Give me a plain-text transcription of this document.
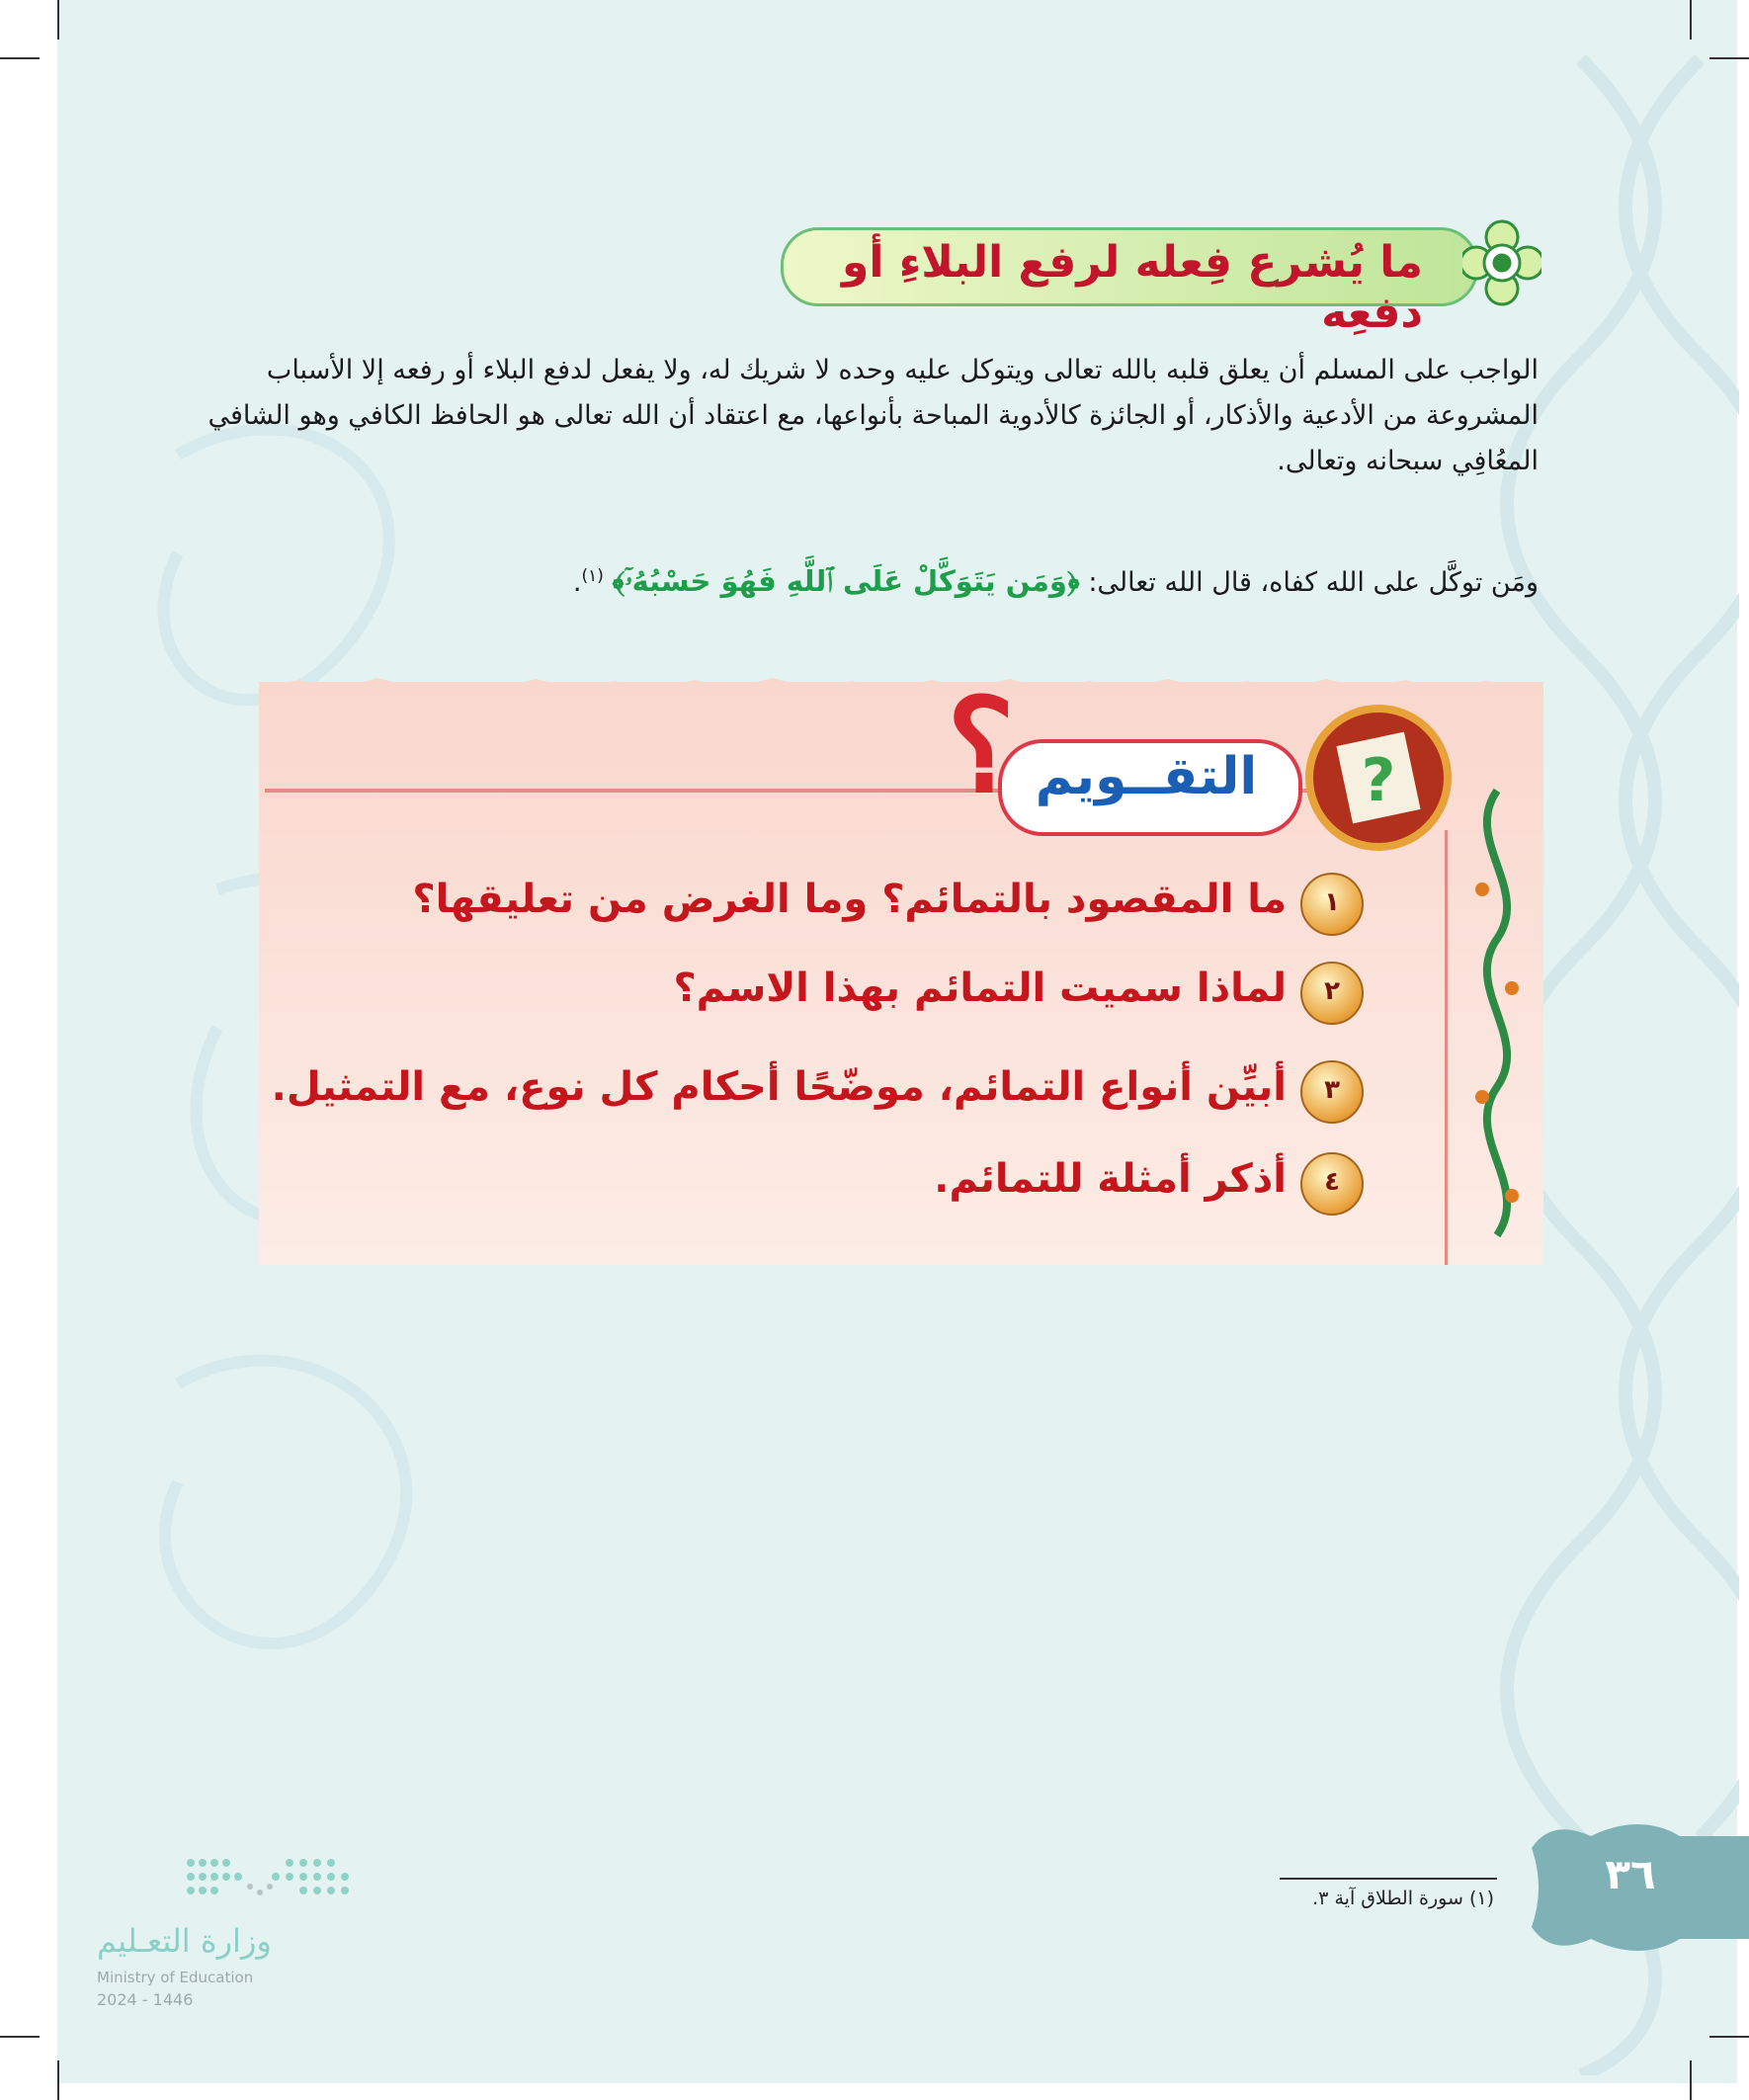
ما يُشرع فِعله لرفع البلاءِ أو دفعِه
الواجب على المسلم أن يعلق قلبه بالله تعالى ويتوكل عليه وحده لا شريك له، ولا يفعل لدفع البلاء أو رفعه إلا الأسباب المشروعة من الأدعية والأذكار، أو الجائزة كالأدوية المباحة بأنواعها، مع اعتقاد أن الله تعالى هو الحافظ الكافي وهو الشافي المعُافِي سبحانه وتعالى.
ومَن توكَّل على الله كفاه، قال الله تعالى: ﴿وَمَن يَتَوَكَّلْ عَلَى ٱللَّهِ فَهُوَ حَسْبُهُۥٓ﴾ $^{(١)}$.
التقــويم
؟	?
١
ما المقصود بالتمائم؟ وما الغرض من تعليقها؟
٢
لماذا سميت التمائم بهذا الاسم؟
٣
أبيِّن أنواع التمائم، موضّحًا أحكام كل نوع، مع التمثيل.
٤
أذكر أمثلة للتمائم.
(١) سورة الطلاق آية ٣.	٣٦
وزارة التعـليم
Ministry of Education
2024 - 1446
